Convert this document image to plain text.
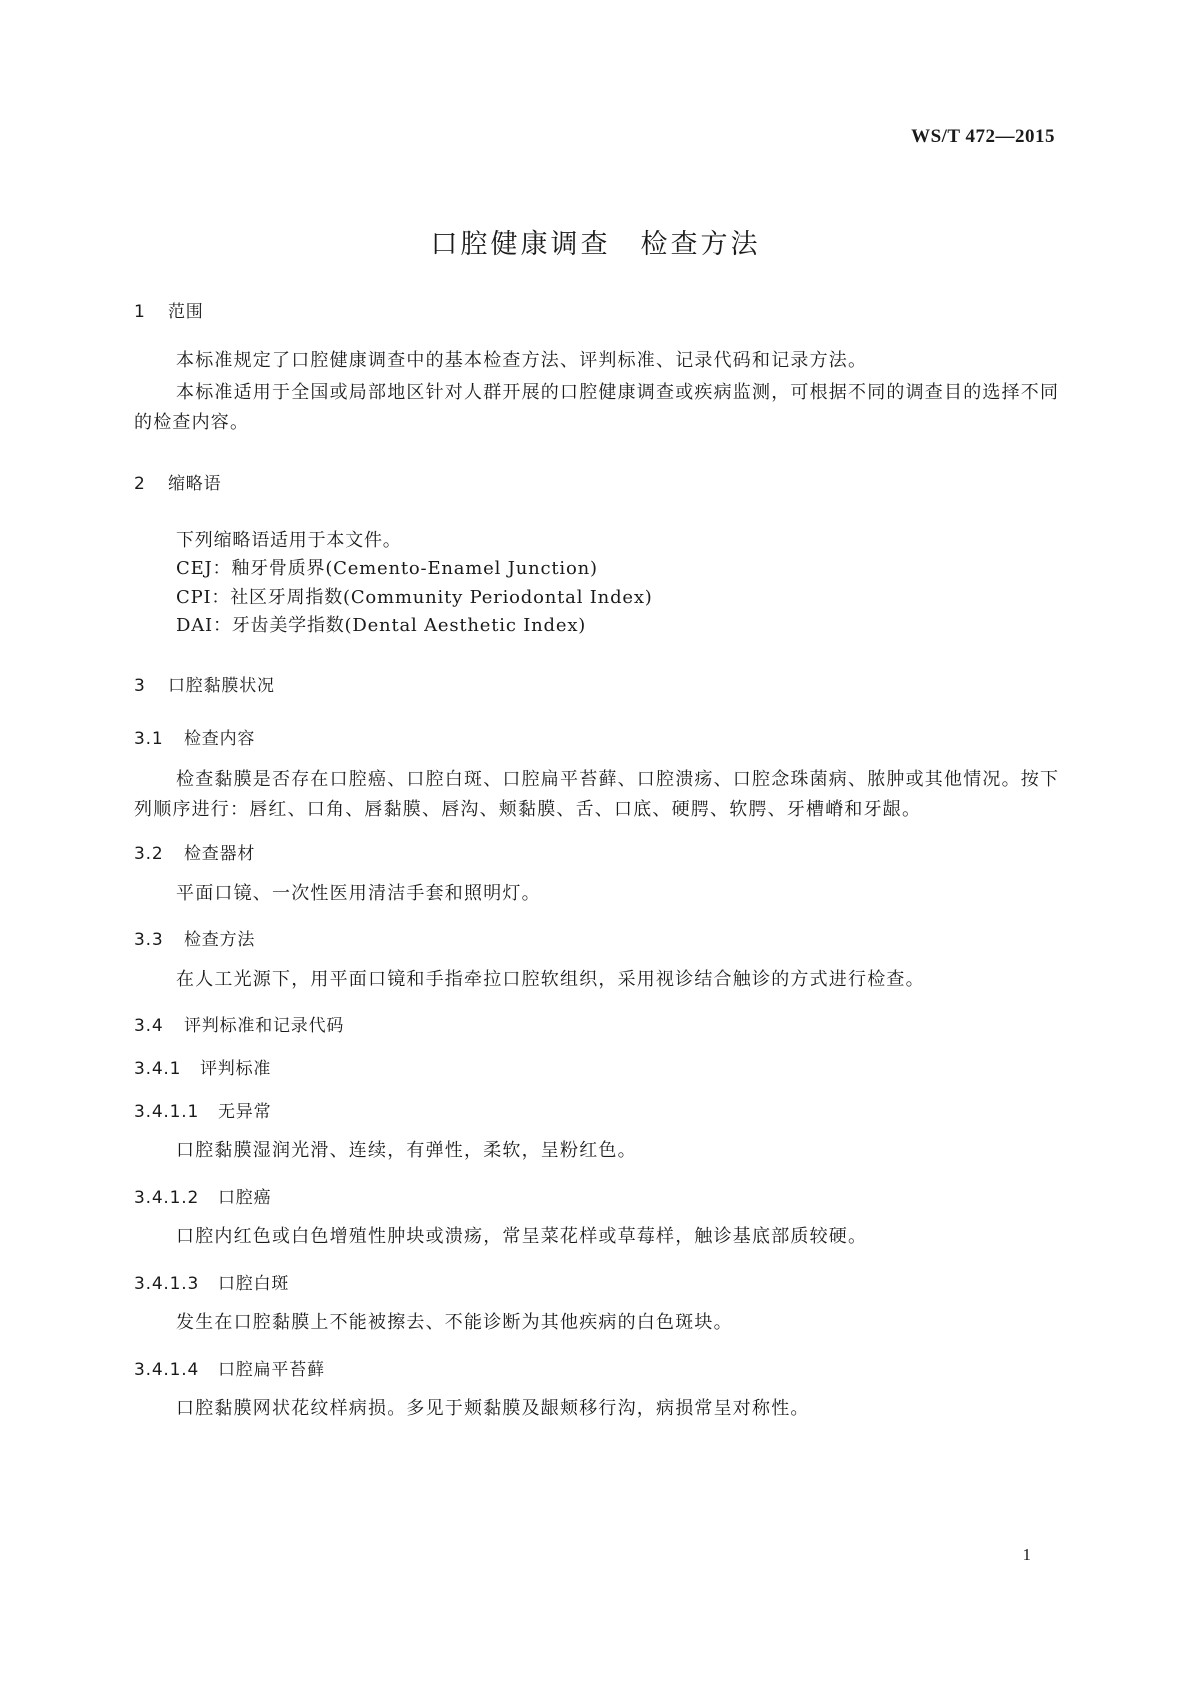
WS/T 472—2015
口腔健康调查　检查方法
1 范围
本标准规定了口腔健康调查中的基本检查方法、评判标准、记录代码和记录方法。
本标准适用于全国或局部地区针对人群开展的口腔健康调查或疾病监测，可根据不同的调查目的选择不同的检查内容。
2 缩略语
下列缩略语适用于本文件。
CEJ：釉牙骨质界(Cemento-Enamel Junction)
CPI：社区牙周指数(Community Periodontal Index)
DAI：牙齿美学指数(Dental Aesthetic Index)
3 口腔黏膜状况
3.1 检查内容
检查黏膜是否存在口腔癌、口腔白斑、口腔扁平苔藓、口腔溃疡、口腔念珠菌病、脓肿或其他情况。按下列顺序进行：唇红、口角、唇黏膜、唇沟、颊黏膜、舌、口底、硬腭、软腭、牙槽嵴和牙龈。
3.2 检查器材
平面口镜、一次性医用清洁手套和照明灯。
3.3 检查方法
在人工光源下，用平面口镜和手指牵拉口腔软组织，采用视诊结合触诊的方式进行检查。
3.4 评判标准和记录代码
3.4.1 评判标准
3.4.1.1 无异常
口腔黏膜湿润光滑、连续，有弹性，柔软，呈粉红色。
3.4.1.2 口腔癌
口腔内红色或白色增殖性肿块或溃疡，常呈菜花样或草莓样，触诊基底部质较硬。
3.4.1.3 口腔白斑
发生在口腔黏膜上不能被擦去、不能诊断为其他疾病的白色斑块。
3.4.1.4 口腔扁平苔藓
口腔黏膜网状花纹样病损。多见于颊黏膜及龈颊移行沟，病损常呈对称性。
1
